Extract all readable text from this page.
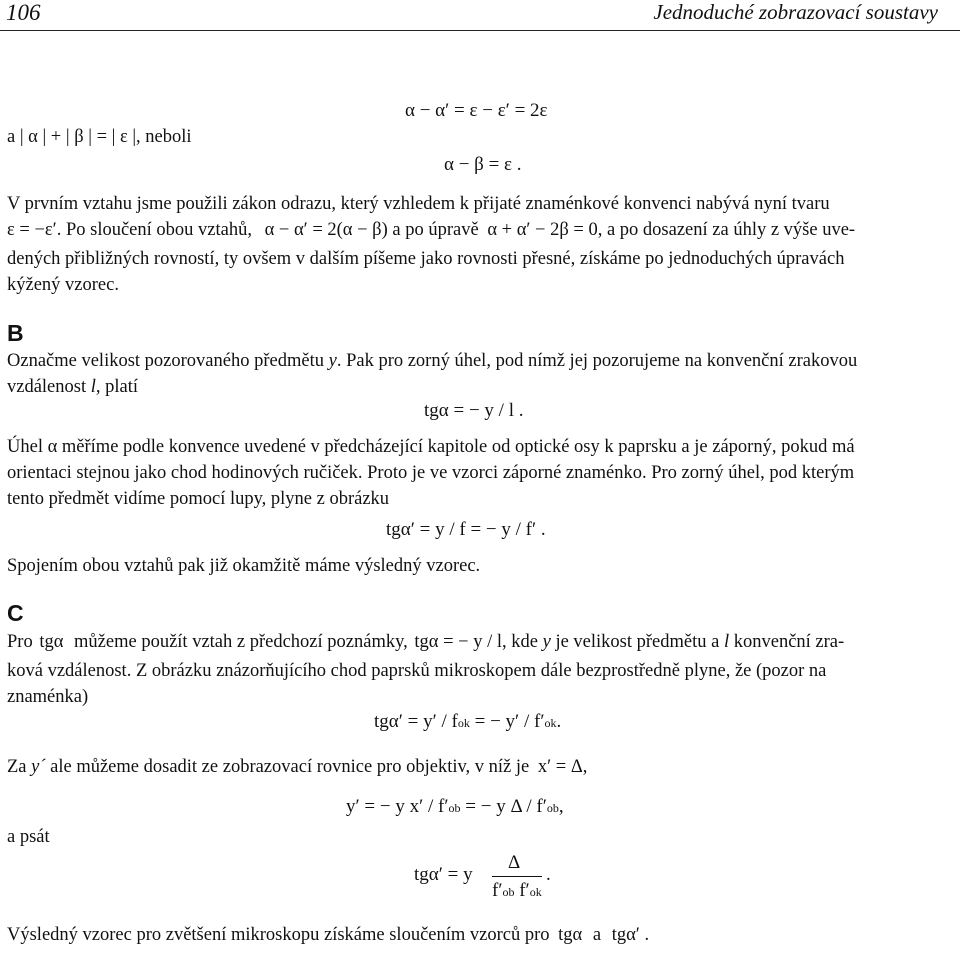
106	Jednoduché zobrazovací soustavy
α − α′ = ε − ε′ = 2ε
a | α | + | β | = | ε |, neboli
α − β = ε .
V prvním vztahu jsme použili zákon odrazu, který vzhledem k přijaté znaménkové konvenci nabývá nyní tvaru
ε = −ε′. Po sloučení obou vztahů, α − α′ = 2(α − β) a po úpravě α + α′ − 2β = 0, a po dosazení za úhly z výše uve-
dených přibližných rovností, ty ovšem v dalším píšeme jako rovnosti přesné, získáme po jednoduchých úpravách
kýžený vzorec.
B
Označme velikost pozorovaného předmětu y. Pak pro zorný úhel, pod nímž jej pozorujeme na konvenční zrakovou
vzdálenost l, platí
tgα = − y / l .
Úhel α měříme podle konvence uvedené v předcházející kapitole od optické osy k paprsku a je záporný, pokud má
orientaci stejnou jako chod hodinových ručiček. Proto je ve vzorci záporné znaménko. Pro zorný úhel, pod kterým
tento předmět vidíme pomocí lupy, plyne z obrázku
tgα′ = y / f = − y / f′ .
Spojením obou vztahů pak již okamžitě máme výsledný vzorec.
C
Pro tgα můžeme použít vztah z předchozí poznámky, tgα = − y / l, kde y je velikost předmětu a l konvenční zra-
ková vzdálenost. Z obrázku znázorňujícího chod paprsků mikroskopem dále bezprostředně plyne, že (pozor na
znaménka)
tgα′ = y′ / fok = − y′ / f′ok.
Za y´ ale můžeme dosadit ze zobrazovací rovnice pro objektiv, v níž je x′ = Δ,
y′ = − y x′ / f′ob = − y Δ / f′ob,
a psát
tgα′ = y
Δ
f′ob f′ok
.
Výsledný vzorec pro zvětšení mikroskopu získáme sloučením vzorců pro tgα a tgα′ .
